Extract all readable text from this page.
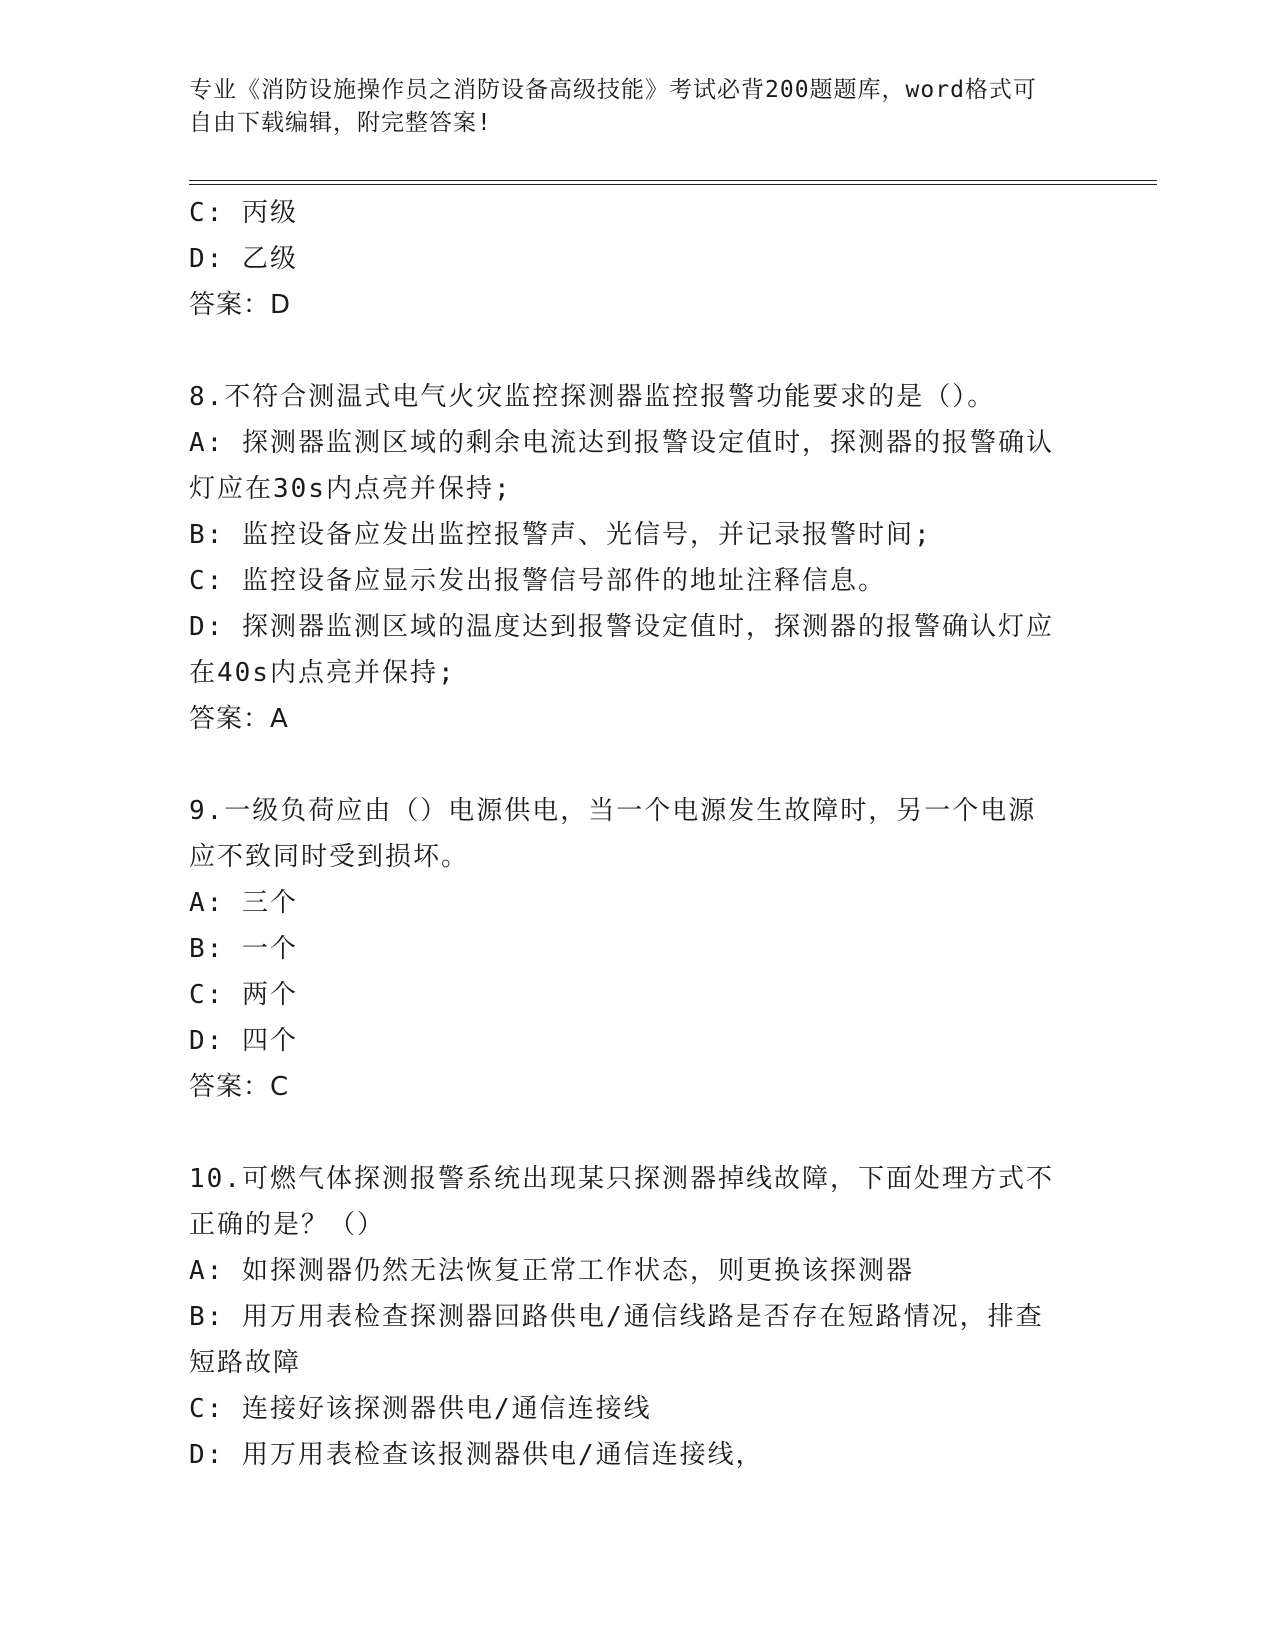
专业《消防设施操作员之消防设备高级技能》考试必背200题题库，word格式可
自由下载编辑，附完整答案!

C: 丙级

D: 乙级

答案：D

8.不符合测温式电气火灾监控探测器监控报警功能要求的是（）。

A: 探测器监测区域的剩余电流达到报警设定值时，探测器的报警确认

灯应在30s内点亮并保持;

B: 监控设备应发出监控报警声、光信号，并记录报警时间;

C: 监控设备应显示发出报警信号部件的地址注释信息。

D: 探测器监测区域的温度达到报警设定值时，探测器的报警确认灯应

在40s内点亮并保持;

答案：A

9.一级负荷应由（）电源供电，当一个电源发生故障时，另一个电源

应不致同时受到损坏。

A: 三个

B: 一个

C: 两个

D: 四个

答案：C

10.可燃气体探测报警系统出现某只探测器掉线故障，下面处理方式不

正确的是？（）

A: 如探测器仍然无法恢复正常工作状态，则更换该探测器

B: 用万用表检查探测器回路供电/通信线路是否存在短路情况，排查

短路故障

C: 连接好该探测器供电/通信连接线

D: 用万用表检查该报测器供电/通信连接线，
